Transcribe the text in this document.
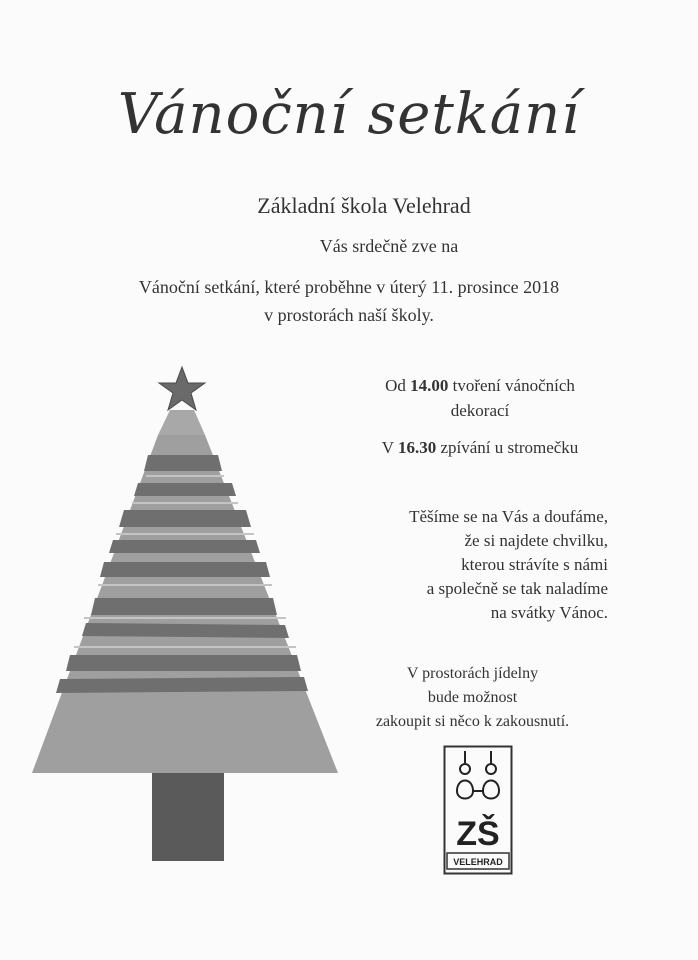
Vánoční setkání
Základní škola Velehrad
Vás srdečně zve na
Vánoční setkání, které proběhne v úterý 11. prosince 2018
v prostorách naší školy.
Od 14.00 tvoření vánočních
dekorací
V 16.30 zpívání u stromečku
Těšíme se na Vás a doufáme,
že si najdete chvilku,
kterou strávíte s námi
a společně se tak naladíme
na svátky Vánoc.
V prostorách jídelny
bude možnost
zakoupit si něco k zakousnutí.
ZŠ
VELEHRAD
